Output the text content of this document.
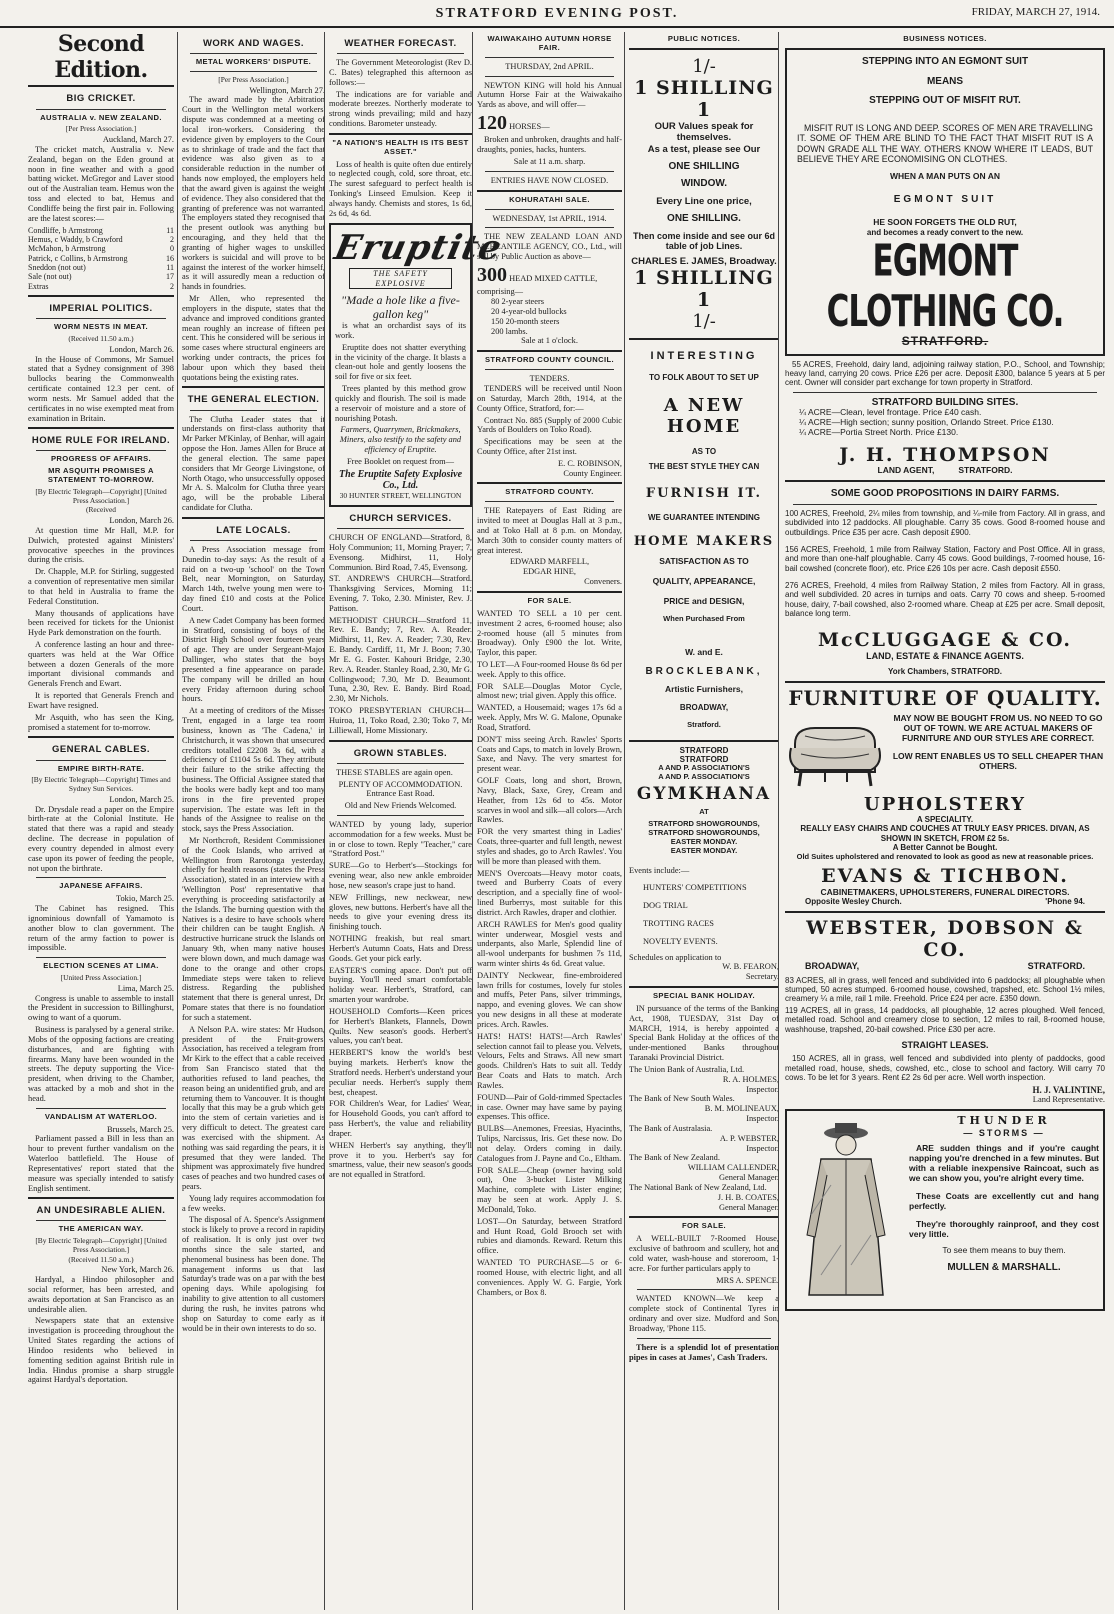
STRATFORD EVENING POST.	FRIDAY, MARCH 27, 1914.
Second Edition.
BIG CRICKET.
AUSTRALIA v. NEW ZEALAND.
[Per Press Association.]
Auckland, March 27.

The cricket match, Australia v. New Zealand, began on the Eden ground at noon in fine weather and with a good batting wicket. McGregor and Laver stood out of the Australian team. Hemus won the toss and elected to bat, Hemus and Condliffe being the first pair in. Following are the latest scores:—

Condliffe, b Armstrong	11
Hemus, c Waddy, b Crawford	2
McMahon, b Armstrong	0
Patrick, c Collins, b Armstrong	16
Sneddon (not out)	11
Sale (not out)	17
Extras	2
IMPERIAL POLITICS.
WORM NESTS IN MEAT.
(Received 11.50 a.m.)
London, March 26.

In the House of Commons, Mr Samuel stated that a Sydney consignment of 398 bullocks bearing the Commonwealth certificate contained 12.3 per cent. of worm nests. Mr Samuel added that the certificates in no wise exempted meat from examination in Britain.

HOME RULE FOR IRELAND.
PROGRESS OF AFFAIRS.
MR ASQUITH PROMISES A STATEMENT TO-MORROW.
[By Electric Telegraph—Copyright] [United Press Association.]
(Received
London, March 26.

At question time Mr Hall, M.P. for Dulwich, protested against Ministers' provocative speeches in the provinces during the crisis.

Dr. Chapple, M.P. for Stirling, suggested a convention of representative men similar to that held in Australia to frame the Federal Constitution.

Many thousands of applications have been received for tickets for the Unionist Hyde Park demonstration on the fourth.

A conference lasting an hour and three-quarters was held at the War Office between a dozen Generals of the more important divisional commands and Generals French and Ewart.

It is reported that Generals French and Ewart have resigned.

Mr Asquith, who has seen the King, promised a statement for to-morrow.

GENERAL CABLES.
EMPIRE BIRTH-RATE.
[By Electric Telegraph—Copyright] Times and Sydney Sun Services.
London, March 25.

Dr. Drysdale read a paper on the Empire birth-rate at the Colonial Institute. He stated that there was a rapid and steady decline. The decrease in population of every country depended in almost every case upon its power of feeding the people, not upon the birthrate.

JAPANESE AFFAIRS.
Tokio, March 25.

The Cabinet has resigned. This ignominious downfall of Yamamoto is another blow to clan government. The return of the army faction to power is impossible.

ELECTION SCENES AT LIMA.
[United Press Association.]
Lima, March 25.

Congress is unable to assemble to install the President in succession to Billinghurst, owing to want of a quorum.

Business is paralysed by a general strike. Mobs of the opposing factions are creating disturbances, and are fighting with firearms. Many have been wounded in the streets. The deputy supporting the Vice-president, when driving to the Chamber, was attacked by a mob and shot in the head.

VANDALISM AT WATERLOO.
Brussels, March 25.

Parliament passed a Bill in less than an hour to prevent further vandalism on the Waterloo battlefield. The House of Representatives' report stated that the measure was specially intended to satisfy English sentiment.

AN UNDESIRABLE ALIEN.
THE AMERICAN WAY.
[By Electric Telegraph—Copyright] [United Press Association.]
(Received 11.50 a.m.)
New York, March 26.

Hardyal, a Hindoo philosopher and social reformer, has been arrested, and awaits deportation at San Francisco as an undesirable alien.

Newspapers state that an extensive investigation is proceeding throughout the United States regarding the actions of Hindoo residents who believed in fomenting sedition against British rule in India. Hindus promise a sharp struggle against Hardyal's deportation.

WORK AND WAGES.
METAL WORKERS' DISPUTE.
[Per Press Association.]
Wellington, March 27.

The award made by the Arbitration Court in the Wellington metal workers' dispute was condemned at a meeting of local iron-workers. Considering the evidence given by employers to the Court as to shrinkage of trade and the fact that evidence was also given as to a considerable reduction in the number of hands now employed, the employers held that the award given is against the weight of evidence. They also considered that the granting of preference was not warranted. The employers stated they recognised that the present outlook was anything but encouraging, and they held that the granting of higher wages to unskilled workers is suicidal and will prove to be against the interest of the worker himself, as it will assuredly mean a reduction of hands in foundries.

Mr Allen, who represented the employers in the dispute, states that the advance and improved conditions granted mean roughly an increase of fifteen per cent. This he considered will be serious in some cases where structural engineers are working under contracts, the prices for labour upon which they based their quotations being the existing rates.

THE GENERAL ELECTION.

The Clutha Leader states that it understands on first-class authority that Mr Parker M'Kinlay, of Benhar, will again oppose the Hon. James Allen for Bruce at the general election. The same paper considers that Mr George Livingstone, of North Otago, who unsuccessfully opposed Mr A. S. Malcolm for Clutha three years ago, will be the probable Liberal candidate for Clutha.

LATE LOCALS.

A Press Association message from Dunedin to-day says: As the result of a raid on a two-up 'school' on the Town Belt, near Mornington, on Saturday, March 14th, twelve young men were to-day fined £10 and costs at the Police Court.

A new Cadet Company has been formed in Stratford, consisting of boys of the District High School over fourteen years of age. They are under Sergeant-Major Dallinger, who states that the boys presented a fine appearance on parade. The company will be drilled an hour every Friday afternoon during school hours.

At a meeting of creditors of the Misses Trent, engaged in a large tea room business, known as 'The Cadena,' in Christchurch, it was shown that unsecured creditors totalled £2208 3s 6d, with a deficiency of £1104 5s 6d. They attribute their failure to the strike affecting the business. The Official Assignee stated that the books were badly kept and too many irons in the fire prevented proper supervision. The estate was left in the hands of the Assignee to realise on the stock, says the Press Association.

Mr Northcroft, Resident Commissioner of the Cook Islands, who arrived at Wellington from Rarotonga yesterday, chiefly for health reasons (states the Press Association), stated in an interview with a 'Wellington Post' representative that everything is proceeding satisfactorily at the Islands. The burning question with the Natives is a desire to have schools where their children can be taught English. A destructive hurricane struck the Islands on January 9th, when many native houses were blown down, and much damage was done to the orange and other crops. Immediate steps were taken to relieve distress. Regarding the published statement that there is general unrest, Dr. Pomare states that there is no foundation for such a statement.

A Nelson P.A. wire states: Mr Hudson, president of the Fruit-growers' Association, has received a telegram from Mr Kirk to the effect that a cable received from San Francisco stated that the authorities refused to land peaches, the reason being an unidentified grub, and are returning them to Vancouver. It is thought locally that this may be a grub which gets into the stem of certain varieties and is very difficult to detect. The greatest care was exercised with the shipment. As nothing was said regarding the pears, it is presumed that they were landed. The shipment was approximately five hundred cases of peaches and two hundred cases of pears.

Young lady requires accommodation for a few weeks.

The disposal of A. Spence's Assignment stock is likely to prove a record in rapidity of realisation. It is only just over two months since the sale started, and phenomenal business has been done. The management informs us that last Saturday's trade was on a par with the best opening days. While apologising for inability to give attention to all customers during the rush, he invites patrons who shop on Saturday to come early as it would be in their own interests to do so.

WEATHER FORECAST.

The Government Meteorologist (Rev D. C. Bates) telegraphed this afternoon as follows:—

The indications are for variable and moderate breezes. Northerly moderate to strong winds prevailing; mild and hazy conditions. Barometer unsteady.

"A NATION'S HEALTH IS ITS BEST ASSET."

Loss of health is quite often due entirely to neglected cough, cold, sore throat, etc. The surest safeguard to perfect health is Tonking's Linseed Emulsion. Keep it always handy. Chemists and stores, 1s 6d, 2s 6d, 4s 6d.

Eruptite
THE SAFETY EXPLOSIVE
"Made a hole like a five-gallon keg"

is what an orchardist says of its work.

Eruptite does not shatter everything in the vicinity of the charge. It blasts a clean-out hole and gently loosens the soil for five or six feet.

Trees planted by this method grow quickly and flourish. The soil is made a reservoir of moisture and a store of nourishing Potash.

Farmers, Quarrymen, Brickmakers, Miners, also testify to the safety and efficiency of Eruptite.

Free Booklet on request from—

The Eruptite Safety Explosive Co., Ltd.
30 HUNTER STREET, WELLINGTON
CHURCH SERVICES.
CHURCH OF ENGLAND—Stratford, 8, Holy Communion; 11, Morning Prayer; 7, Evensong. Midhirst, 11, Holy Communion. Bird Road, 7.45, Evensong.
ST. ANDREW'S CHURCH—Stratford. Thanksgiving Services, Morning 11; Evening, 7. Toko, 2.30. Minister, Rev. J. Pattison.
METHODIST CHURCH—Stratford 11, Rev. E. Bandy; 7, Rev. A. Reader. Midhirst, 11, Rev. A. Reader; 7.30, Rev. E. Bandy. Cardiff, 11, Mr J. Boon; 7.30, Mr E. G. Foster. Kahouri Bridge, 2.30, Rev. A. Reader. Stanley Road, 2.30, Mr G. Collingwood; 7.30, Mr D. Beaumont. Tuna, 2.30, Rev. E. Bandy. Bird Road, 2.30, Mr Nichols.
TOKO PRESBYTERIAN CHURCH—Huiroa, 11, Toko Road, 2.30; Toko 7, Mr Lilliewall, Home Missionary.
GROWN STABLES.

THESE STABLES are again open.

PLENTY OF ACCOMMODATION. Entrance East Road.

Old and New Friends Welcomed.

WANTED by young lady, superior accommodation for a few weeks. Must be in or close to town. Reply "Teacher," care "Stratford Post."
SURE—Go to Herbert's—Stockings for evening wear, also new ankle embroider hose, new season's crape just to hand.
NEW Frillings, new neckwear, new gloves, new buttons. Herbert's have all the needs to give your evening dress its finishing touch.
NOTHING freakish, but real smart. Herbert's Autumn Coats, Hats and Dress Goods. Get your pick early.
EASTER'S coming apace. Don't put off buying. You'll need smart comfortable holiday wear. Herbert's, Stratford, can smarten your wardrobe.
HOUSEHOLD Comforts—Keen prices for Herbert's Blankets, Flannels, Down Quilts. New season's goods. Herbert's values, you can't beat.
HERBERT'S know the world's best buying markets. Herbert's know the Stratford needs. Herbert's understand your peculiar needs. Herbert's supply them best, cheapest.
FOR Children's Wear, for Ladies' Wear, for Household Goods, you can't afford to pass Herbert's, the value and reliability draper.
WHEN Herbert's say anything, they'll prove it to you. Herbert's say for smartness, value, their new season's goods are not equalled in Stratford.
WAIWAKAIHO AUTUMN HORSE FAIR.
THURSDAY, 2nd APRIL.

NEWTON KING will hold his Annual Autumn Horse Fair at the Waiwakaiho Yards as above, and will offer—

120 HORSES—

Broken and unbroken, draughts and half-draughts, ponies, hacks, hunters.

Sale at 11 a.m. sharp.

ENTRIES HAVE NOW CLOSED.
KOHURATAHI SALE.
WEDNESDAY, 1st APRIL, 1914.

THE NEW ZEALAND LOAN AND MERCANTILE AGENCY, CO., Ltd., will sell by Public Auction as above—

300 HEAD MIXED CATTLE, comprising—
80 2-year steers
20 4-year-old bullocks
150 20-month steers
200 lambs.

Sale at 1 o'clock.

STRATFORD COUNTY COUNCIL.
TENDERS.

TENDERS will be received until Noon on Saturday, March 28th, 1914, at the County Office, Stratford, for:—

Contract No. 885 (Supply of 2000 Cubic Yards of Boulders on Toko Road).

Specifications may be seen at the County Office, after 21st inst.

E. C. ROBINSON,
County Engineer.
STRATFORD COUNTY.

THE Ratepayers of East Riding are invited to meet at Douglas Hall at 3 p.m., and at Toko Hall at 8 p.m. on Monday, March 30th to consider county matters of great interest.

EDWARD MARFELL,
EDGAR HINE,
Conveners.
FOR SALE.
WANTED TO SELL a 10 per cent. investment 2 acres, 6-roomed house; also 2-roomed house (all 5 minutes from Broadway). Only £900 the lot. Write, Taylor, this paper.
TO LET—A Four-roomed House 8s 6d per week. Apply to this office.
FOR SALE—Douglas Motor Cycle, almost new; trial given. Apply this office.
WANTED, a Housemaid; wages 17s 6d a week. Apply, Mrs W. G. Malone, Opunake Road, Stratford.
DON'T miss seeing Arch. Rawles' Sports Coats and Caps, to match in lovely Brown, Saxe, and Navy. The very smartest for present wear.
GOLF Coats, long and short, Brown, Navy, Black, Saxe, Grey, Cream and Heather, from 12s 6d to 45s. Motor scarves in wool and silk—all colors—Arch Rawles.
FOR the very smartest thing in Ladies' Coats, three-quarter and full length, newest styles and shades, go to Arch Rawles'. You will be more than pleased with them.
MEN'S Overcoats—Heavy motor coats, tweed and Burberry Coats of every description, and a specially fine of wool-lined Burberrys, most suitable for this district. Arch Rawles, draper and clothier.
ARCH RAWLES for Men's good quality winter underwear, Mosgiel vests and underpants, also Marle, Splendid line of all-wool underpants for bushmen 7s 11d, warm winter shirts 4s 6d. Great value.
DAINTY Neckwear, fine-embroidered lawn frills for costumes, lovely fur stoles and muffs, Peter Pans, silver trimmings, nappo, and evening gloves. We can show you new designs in all these at moderate prices. Arch. Rawles.
HATS! HATS! HATS!—Arch Rawles' selection cannot fail to please you. Velvets, Velours, Felts and Straws. All new smart goods. Children's Hats to suit all. Teddy Bear Coats and Hats to match. Arch Rawles.
FOUND—Pair of Gold-rimmed Spectacles in case. Owner may have same by paying expenses. This office.
BULBS—Anemones, Freesias, Hyacinths, Tulips, Narcissus, Iris. Get these now. Do not delay. Orders coming in daily. Catalogues from J. Payne and Co., Eltham.
FOR SALE—Cheap (owner having sold out), One 3-bucket Lister Milking Machine, complete with Lister engine; may be seen at work. Apply J. S. McDonald, Toko.
LOST—On Saturday, between Stratford and Hunt Road, Gold Brooch set with rubies and diamonds. Reward. Return this office.
WANTED TO PURCHASE—5 or 6-roomed House, with electric light, and all conveniences. Apply W. G. Fargie, York Chambers, or Box 8.
PUBLIC NOTICES.
1/-
1 SHILLING 1
OUR Values speak for themselves.
As a test, please see Our
ONE SHILLING
WINDOW.
Every Line one price,
ONE SHILLING.
Then come inside and see our 6d table of job Lines.
CHARLES E. JAMES, Broadway.
1 SHILLING 1
1/-
INTERESTING
TO FOLK ABOUT TO SET UP
A NEW HOME
AS TO
THE BEST STYLE THEY CAN
FURNISH IT.
WE GUARANTEE INTENDING
HOME MAKERS
SATISFACTION AS TO
QUALITY, APPEARANCE,
PRICE and DESIGN,
When Purchased From
W. and E.
BROCKLEBANK,
Artistic Furnishers,
BROADWAY,
Stratford.
STRATFORD
STRATFORD
A AND P. ASSOCIATION'S
A AND P. ASSOCIATION'S
GYMKHANA
AT
STRATFORD SHOWGROUNDS,
STRATFORD SHOWGROUNDS,
EASTER MONDAY.
EASTER MONDAY.
Events include:—
HUNTERS' COMPETITIONS
DOG TRIAL
TROTTING RACES
NOVELTY EVENTS.
Schedules on application to
W. B. FEARON,
Secretary.
SPECIAL BANK HOLIDAY.

IN pursuance of the terms of the Banking Act, 1908, TUESDAY, 31st Day of MARCH, 1914, is hereby appointed a Special Bank Holiday at the offices of the under-mentioned Banks throughout Taranaki Provincial District.

The Union Bank of Australia, Ltd.
R. A. HOLMES,
Inspector.
The Bank of New South Wales.
B. M. MOLINEAUX,
Inspector.
The Bank of Australasia.
A. P. WEBSTER,
Inspector.
The Bank of New Zealand.
WILLIAM CALLENDER,
General Manager.
The National Bank of New Zealand, Ltd.
J. H. B. COATES,
General Manager.
FOR SALE.

A WELL-BUILT 7-Roomed House, exclusive of bathroom and scullery, hot and cold water, wash-house and storeroom, 1-acre. For further particulars apply to

MRS A. SPENCE.

WANTED KNOWN—We keep a complete stock of Continental Tyres in ordinary and over size. Mudford and Son, Broadway, 'Phone 115.

There is a splendid lot of presentation pipes in cases at James', Cash Traders.

BUSINESS NOTICES.
STEPPING INTO AN EGMONT SUIT
MEANS
STEPPING OUT OF MISFIT RUT.

MISFIT RUT IS LONG AND DEEP. SCORES OF MEN ARE TRAVELLING IT. SOME OF THEM ARE BLIND TO THE FACT THAT MISFIT RUT IS A DOWN GRADE ALL THE WAY. OTHERS KNOW WHERE IT LEADS, BUT BELIEVE THEY ARE ECONOMISING ON CLOTHES.

WHEN A MAN PUTS ON AN
EGMONT SUIT
HE SOON FORGETS THE OLD RUT,
and becomes a ready convert to the new.
EGMONT CLOTHING CO.
STRATFORD.

55 ACRES, Freehold, dairy land, adjoining railway station, P.O., School, and Township; heavy land, carrying 20 cows. Price £26 per acre. Deposit £300, balance 5 years at 5 per cent. Owner will consider part exchange for town property in Stratford.

STRATFORD BUILDING SITES.
¼ ACRE—Clean, level frontage. Price £40 cash.
¼ ACRE—High section; sunny position, Orlando Street. Price £130.
¼ ACRE—Portia Street North. Price £130.
J. H. THOMPSON
LAND AGENT,	STRATFORD.
SOME GOOD PROPOSITIONS IN DAIRY FARMS.
100 ACRES, Freehold, 2¼ miles from township, and ¼-mile from Factory. All in grass, and subdivided into 12 paddocks. All ploughable. Carry 35 cows. Good 8-roomed house and outbuildings. Price £35 per acre. Cash deposit £900.
156 ACRES, Freehold, 1 mile from Railway Station, Factory and Post Office. All in grass, and more than one-half ploughable. Carry 45 cows. Good buildings, 7-roomed house, 16-bail cowshed (concrete floor), etc. Price £26 10s per acre. Cash deposit £550.
276 ACRES, Freehold, 4 miles from Railway Station, 2 miles from Factory. All in grass, and well subdivided. 20 acres in turnips and oats. Carry 70 cows and sheep. 5-roomed house, dairy, 7-bail cowshed, also 2-roomed whare. Cheap at £25 per acre. Small deposit, balance long term.
McCLUGGAGE & CO.
LAND, ESTATE & FINANCE AGENTS.
York Chambers, STRATFORD.
FURNITURE OF QUALITY.
MAY NOW BE BOUGHT FROM US. NO NEED TO GO OUT OF TOWN. WE ARE ACTUAL MAKERS OF FURNITURE AND OUR STYLES ARE CORRECT.
LOW RENT ENABLES US TO SELL CHEAPER THAN OTHERS.
UPHOLSTERY
A SPECIALITY.
REALLY EASY CHAIRS AND COUCHES AT TRULY EASY PRICES. DIVAN, AS SHOWN IN SKETCH, FROM £2 5s.
A Better Cannot be Bought.
Old Suites upholstered and renovated to look as good as new at reasonable prices.
EVANS & TICHBON.
CABINETMAKERS, UPHOLSTERERS, FUNERAL DIRECTORS.
Opposite Wesley Church.	'Phone 94.
WEBSTER, DOBSON & CO.
BROADWAY,	STRATFORD.
83 ACRES, all in grass, well fenced and subdivided into 6 paddocks; all ploughable when stumped, 50 acres stumped. 6-roomed house, cowshed, trapshed, etc. School 1½ miles, creamery ¼ a mile, rail 1 mile. Freehold. Price £24 per acre. £350 down.
119 ACRES, all in grass, 14 paddocks, all ploughable, 12 acres ploughed. Well fenced, metalled road. School and creamery close to section, 12 miles to rail, 8-roomed house, washhouse, trapshed, 20-bail cowshed. Price £30 per acre.
STRAIGHT LEASES.

150 ACRES, all in grass, well fenced and subdivided into plenty of paddocks, good metalled road, house, sheds, cowshed, etc., close to school and factory. Will carry 70 cows. To be let for 3 years. Rent £2 2s 6d per acre. Well worth inspection.

H. J. VALINTINE,
Land Representative.
THUNDER
— STORMS —

ARE sudden things and if you're caught napping you're drenched in a few minutes. But with a reliable inexpensive Raincoat, such as we can show you, you're alright every time.

These Coats are excellently cut and hang perfectly.

They're thoroughly rainproof, and they cost very little.

To see them means to buy them.

MULLEN & MARSHALL.
